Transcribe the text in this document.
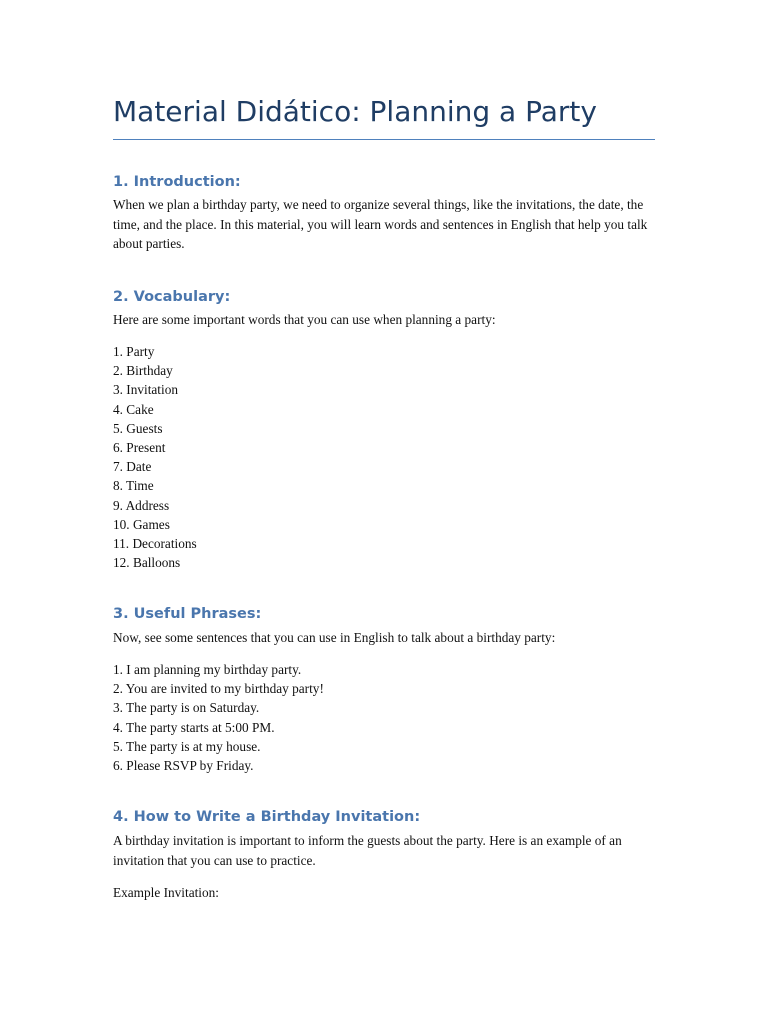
Material Didático: Planning a Party
1. Introduction:

When we plan a birthday party, we need to organize several things, like the invitations, the date, the time, and the place. In this material, you will learn words and sentences in English that help you talk about parties.

2. Vocabulary:

Here are some important words that you can use when planning a party:

1. Party
2. Birthday
3. Invitation
4. Cake
5. Guests
6. Present
7. Date
8. Time
9. Address
10. Games
11. Decorations
12. Balloons
3. Useful Phrases:

Now, see some sentences that you can use in English to talk about a birthday party:

1. I am planning my birthday party.
2. You are invited to my birthday party!
3. The party is on Saturday.
4. The party starts at 5:00 PM.
5. The party is at my house.
6. Please RSVP by Friday.
4. How to Write a Birthday Invitation:

A birthday invitation is important to inform the guests about the party. Here is an example of an invitation that you can use to practice.

Example Invitation:
